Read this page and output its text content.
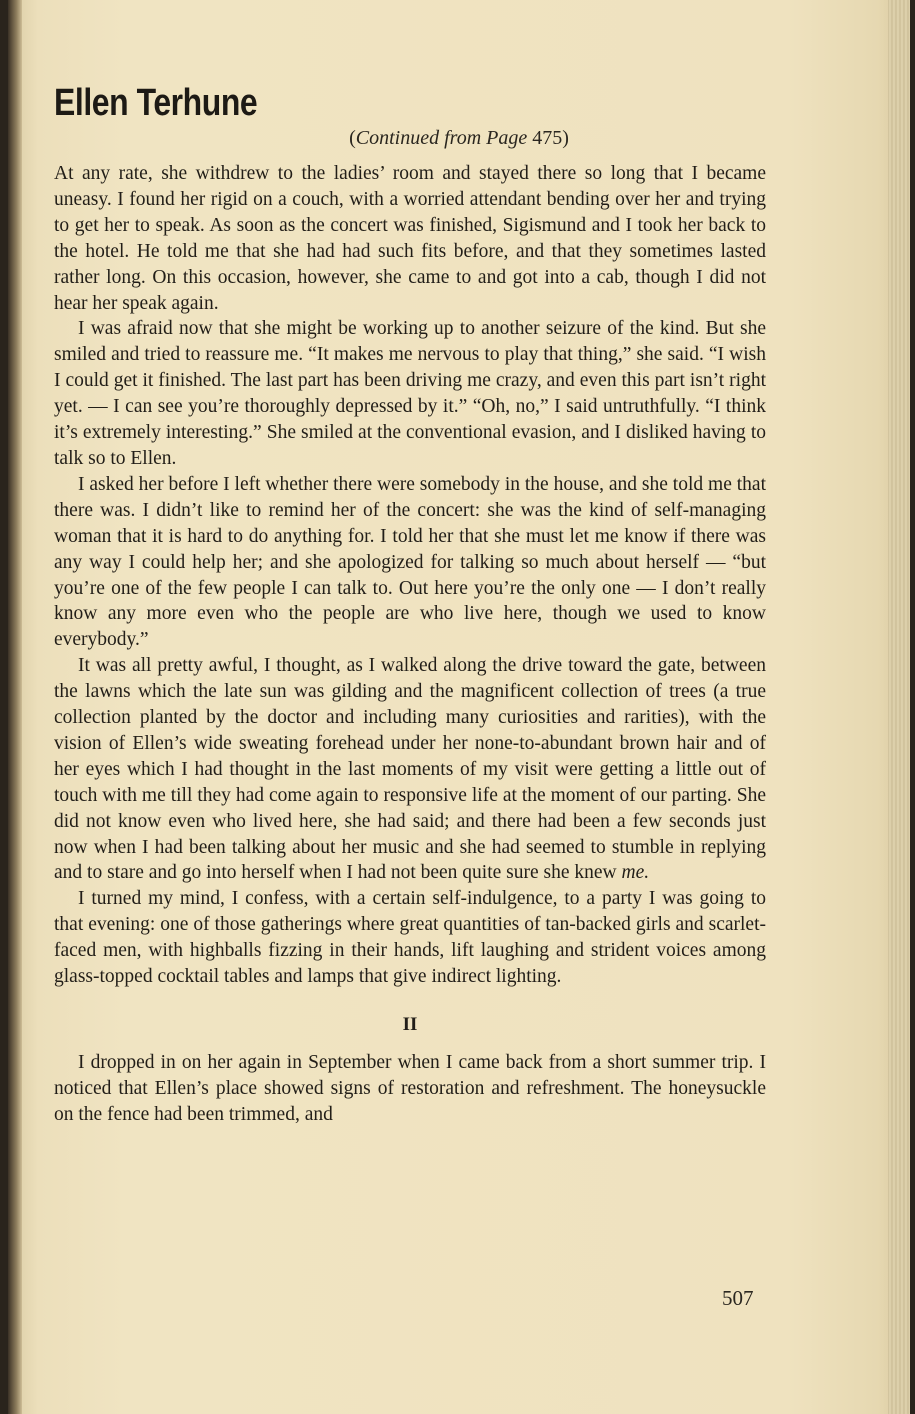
Ellen Terhune
(Continued from Page 475)

At any rate, she withdrew to the ladies’ room and stayed there so long that I became uneasy. I found her rigid on a couch, with a worried attendant bending over her and trying to get her to speak. As soon as the concert was finished, Sigismund and I took her back to the hotel. He told me that she had had such fits before, and that they sometimes lasted rather long. On this occasion, however, she came to and got into a cab, though I did not hear her speak again.

I was afraid now that she might be working up to another seizure of the kind. But she smiled and tried to reassure me. “It makes me nervous to play that thing,” she said. “I wish I could get it finished. The last part has been driving me crazy, and even this part isn’t right yet. — I can see you’re thoroughly depressed by it.” “Oh, no,” I said untruthfully. “I think it’s extremely interesting.” She smiled at the conventional evasion, and I disliked having to talk so to Ellen.

I asked her before I left whether there were somebody in the house, and she told me that there was. I didn’t like to remind her of the concert: she was the kind of self-managing woman that it is hard to do anything for. I told her that she must let me know if there was any way I could help her; and she apologized for talking so much about herself — “but you’re one of the few people I can talk to. Out here you’re the only one — I don’t really know any more even who the people are who live here, though we used to know everybody.”

It was all pretty awful, I thought, as I walked along the drive toward the gate, between the lawns which the late sun was gilding and the magnificent collection of trees (a true collection planted by the doctor and including many curiosities and rarities), with the vision of Ellen’s wide sweating forehead under her none-to-abundant brown hair and of her eyes which I had thought in the last moments of my visit were getting a little out of touch with me till they had come again to responsive life at the moment of our parting. She did not know even who lived here, she had said; and there had been a few seconds just now when I had been talking about her music and she had seemed to stumble in replying and to stare and go into herself when I had not been quite sure she knew me.

I turned my mind, I confess, with a certain self-indulgence, to a party I was going to that evening: one of those gatherings where great quantities of tan-backed girls and scarlet-faced men, with highballs fizzing in their hands, lift laughing and strident voices among glass-topped cocktail tables and lamps that give indirect lighting.

II

I dropped in on her again in September when I came back from a short summer trip. I noticed that Ellen’s place showed signs of restoration and refreshment. The honeysuckle on the fence had been trimmed, and

507
